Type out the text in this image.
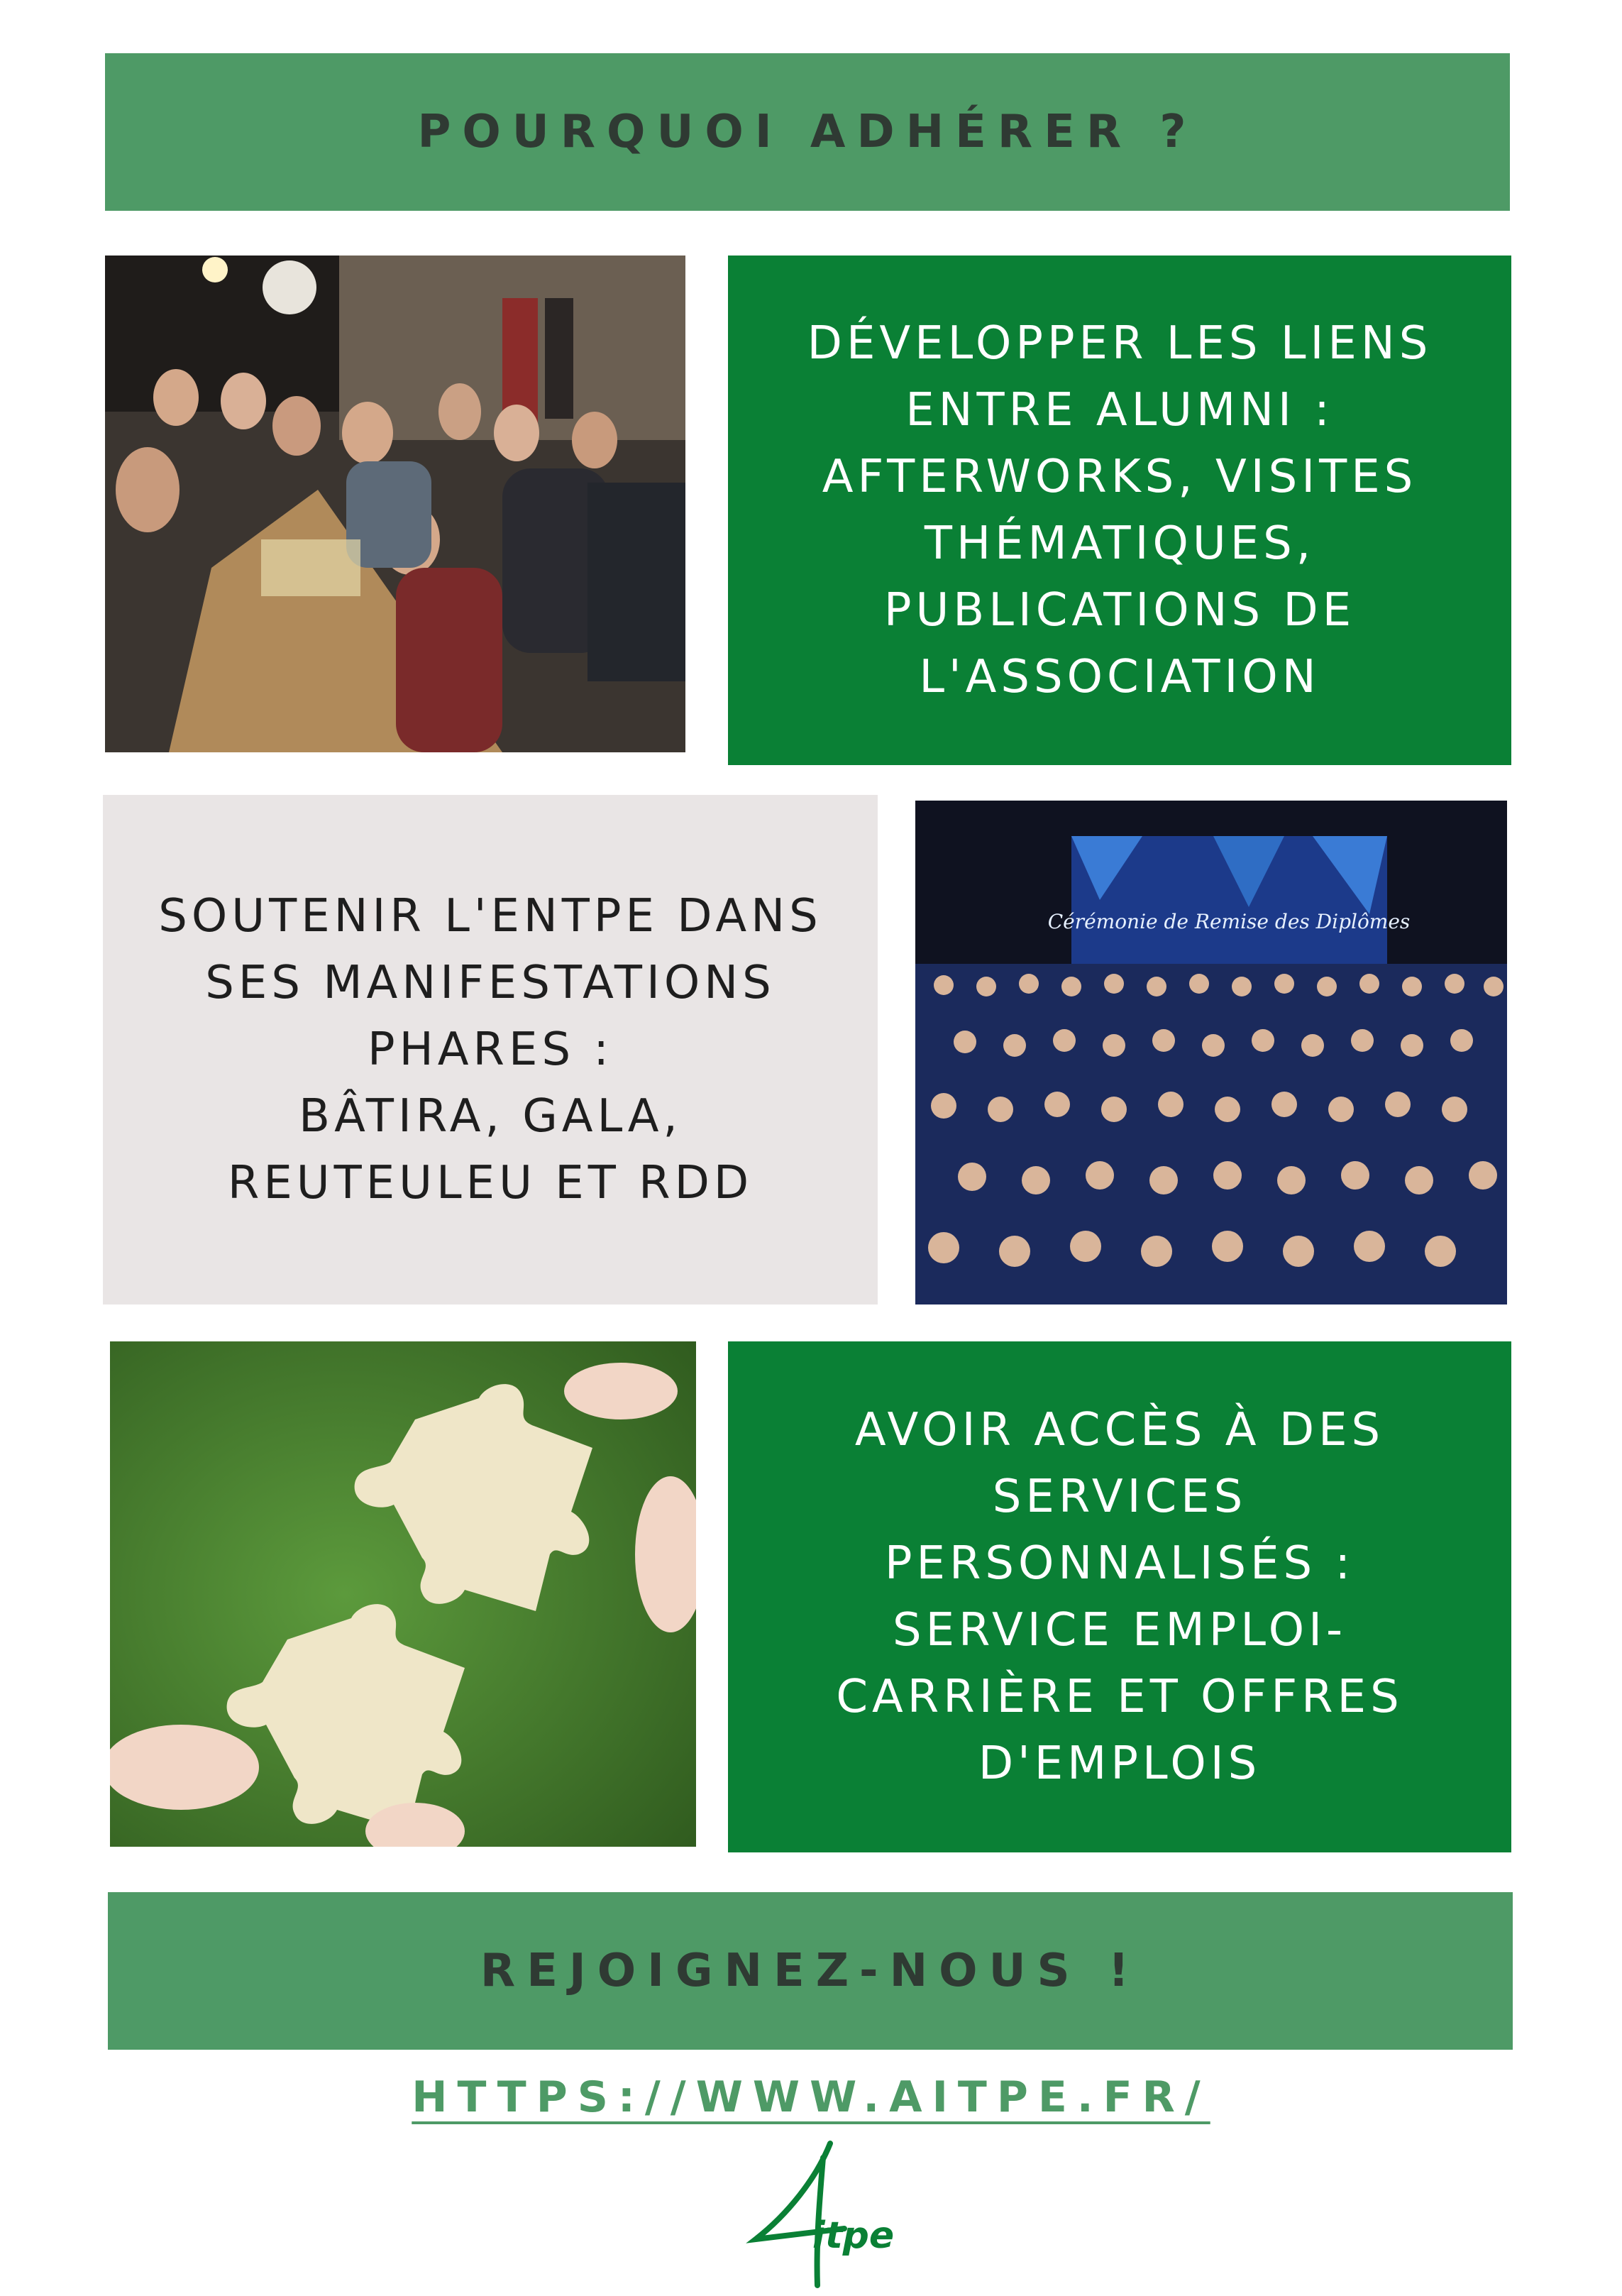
POURQUOI ADHÉRER ?
DÉVELOPPER LES LIENS
ENTRE ALUMNI :
AFTERWORKS, VISITES
THÉMATIQUES,
PUBLICATIONS DE
L'ASSOCIATION
SOUTENIR L'ENTPE DANS
SES MANIFESTATIONS
PHARES :
BÂTIRA, GALA,
REUTEULEU ET RDD
Cérémonie de Remise des Diplômes
AVOIR ACCÈS À DES
SERVICES
PERSONNALISÉS :
SERVICE EMPLOI-
CARRIÈRE ET OFFRES
D'EMPLOIS
REJOIGNEZ-NOUS !
HTTPS://WWW.AITPE.FR/
itpe
